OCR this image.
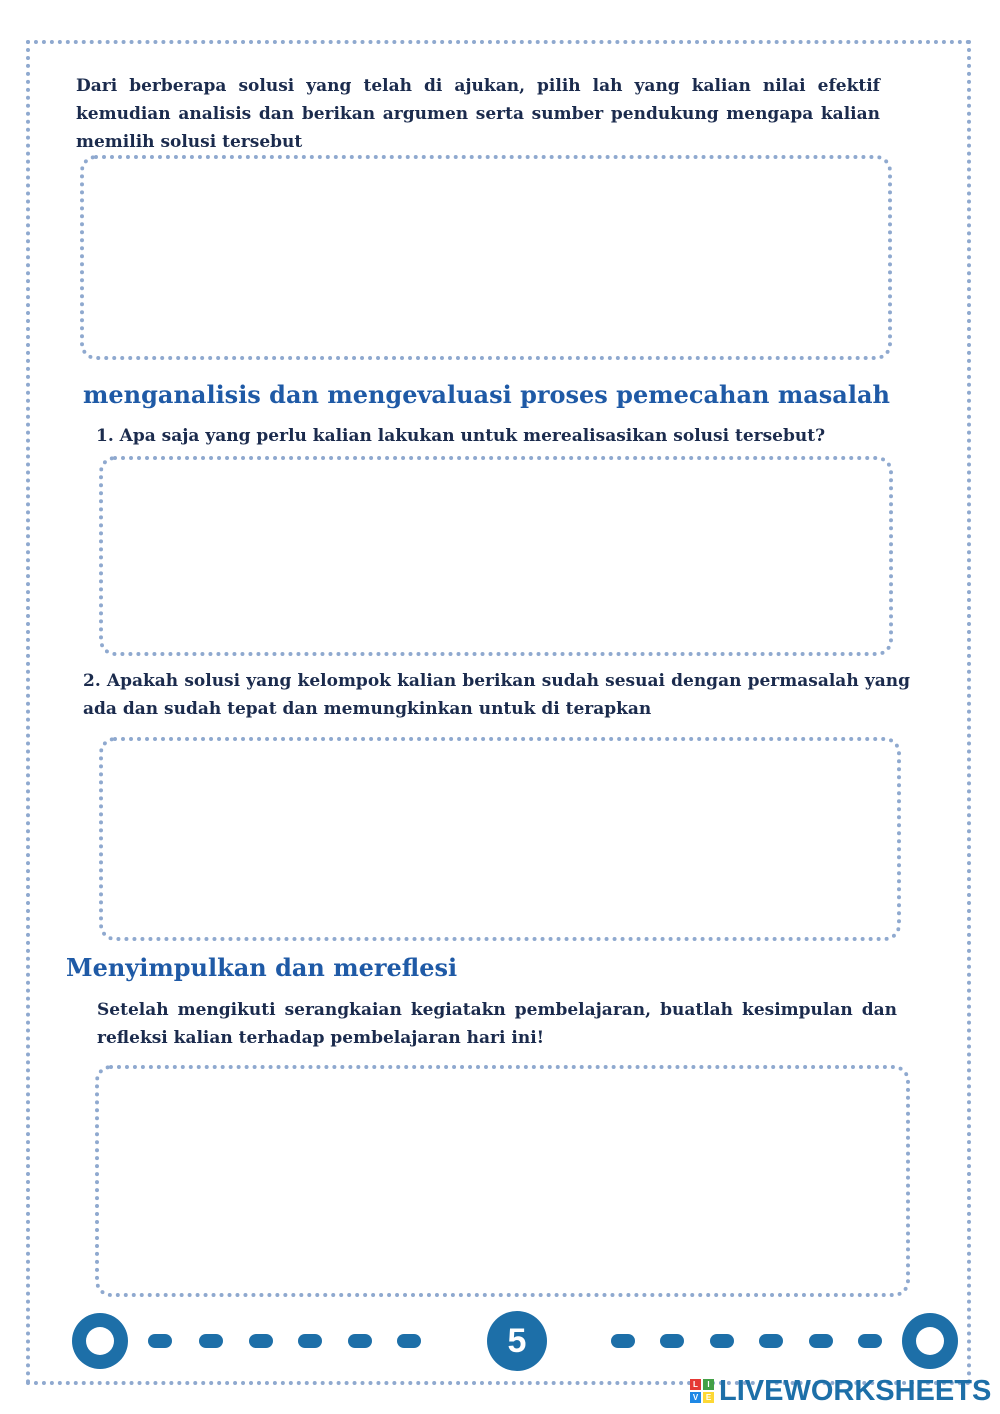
Dari berberapa solusi yang telah di ajukan, pilih lah yang kalian nilai efektif kemudian analisis dan berikan argumen serta sumber pendukung mengapa kalian memilih solusi tersebut
menganalisis dan mengevaluasi proses pemecahan masalah
1. Apa saja yang perlu kalian lakukan untuk merealisasikan solusi tersebut?
2. Apakah solusi yang kelompok kalian berikan sudah sesuai dengan permasalah yang ada dan sudah tepat dan memungkinkan untuk di terapkan
Menyimpulkan dan mereflesi
Setelah mengikuti serangkaian kegiatakn pembelajaran, buatlah kesimpulan dan refleksi kalian terhadap pembelajaran hari ini!
5
L	I
V E LIVEWORKSHEETS
